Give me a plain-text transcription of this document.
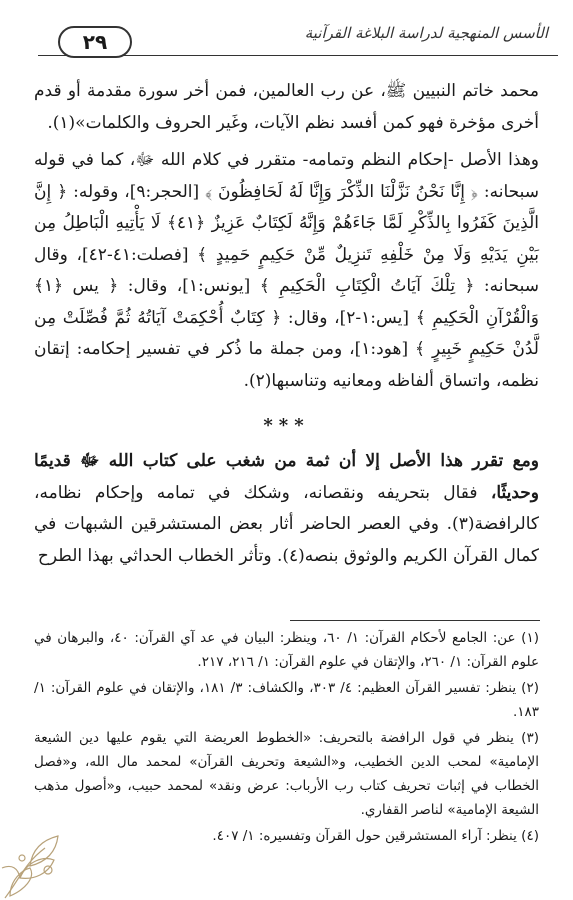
٢٩	الأسس المنهجية لدراسة البلاغة القرآنية

محمد خاتم النبيين ﷺ، عن رب العالمين، فمن أخر سورة مقدمة أو قدم أخرى مؤخرة فهو كمن أفسد نظم الآيات، وغَير الحروف والكلمات»(١).

وهذا الأصل -إحكام النظم وتمامه- متقرر في كلام الله ﷻ، كما في قوله سبحانه: ﴿ إِنَّا نَحْنُ نَزَّلْنَا الذِّكْرَ وَإِنَّا لَهُ لَحَافِظُونَ ﴾ [الحجر:٩]، وقوله: ﴿ إِنَّ الَّذِينَ كَفَرُوا بِالذِّكْرِ لَمَّا جَاءَهُمْ وَإِنَّهُ لَكِتَابٌ عَزِيزٌ ﴿٤١﴾ لَا يَأْتِيهِ الْبَاطِلُ مِن بَيْنِ يَدَيْهِ وَلَا مِنْ خَلْفِهِ تَنزِيلٌ مِّنْ حَكِيمٍ حَمِيدٍ ﴾ [فصلت:٤١-٤٢]، وقال سبحانه: ﴿ تِلْكَ آيَاتُ الْكِتَابِ الْحَكِيمِ ﴾ [يونس:١]، وقال: ﴿ يس ﴿١﴾ وَالْقُرْآنِ الْحَكِيمِ ﴾ [يس:١-٢]، وقال: ﴿ كِتَابٌ أُحْكِمَتْ آيَاتُهُ ثُمَّ فُصِّلَتْ مِن لَّدُنْ حَكِيمٍ خَبِيرٍ ﴾ [هود:١]، ومن جملة ما ذُكر في تفسير إحكامه: إتقان نظمه، واتساق ألفاظه ومعانيه وتناسبها(٢).

***

ومع تقرر هذا الأصل إلا أن ثمة من شغب على كتاب الله ﷻ قديمًا وحديثًا، فقال بتحريفه ونقصانه، وشكك في تمامه وإحكام نظامه، كالرافضة(٣). وفي العصر الحاضر أثار بعض المستشرقين الشبهات في كمال القرآن الكريم والوثوق بنصه(٤). وتأثر الخطاب الحداثي بهذا الطرح

(١) عن: الجامع لأحكام القرآن: ١/ ٦٠، وينظر: البيان في عد آي القرآن: ٤٠، والبرهان في علوم القرآن: ١/ ٢٦٠، والإتقان في علوم القرآن: ١/ ٢١٦، ٢١٧.

(٢) ينظر: تفسير القرآن العظيم: ٤/ ٣٠٣، والكشاف: ٣/ ١٨١، والإتقان في علوم القرآن: ١/ ١٨٣.

(٣) ينظر في قول الرافضة بالتحريف: «الخطوط العريضة التي يقوم عليها دين الشيعة الإمامية» لمحب الدين الخطيب، و«الشيعة وتحريف القرآن» لمحمد مال الله، و«فصل الخطاب في إثبات تحريف كتاب رب الأرباب: عرض ونقد» لمحمد حبيب، و«أصول مذهب الشيعة الإمامية» لناصر القفاري.

(٤) ينظر: آراء المستشرقين حول القرآن وتفسيره: ١/ ٤٠٧.
